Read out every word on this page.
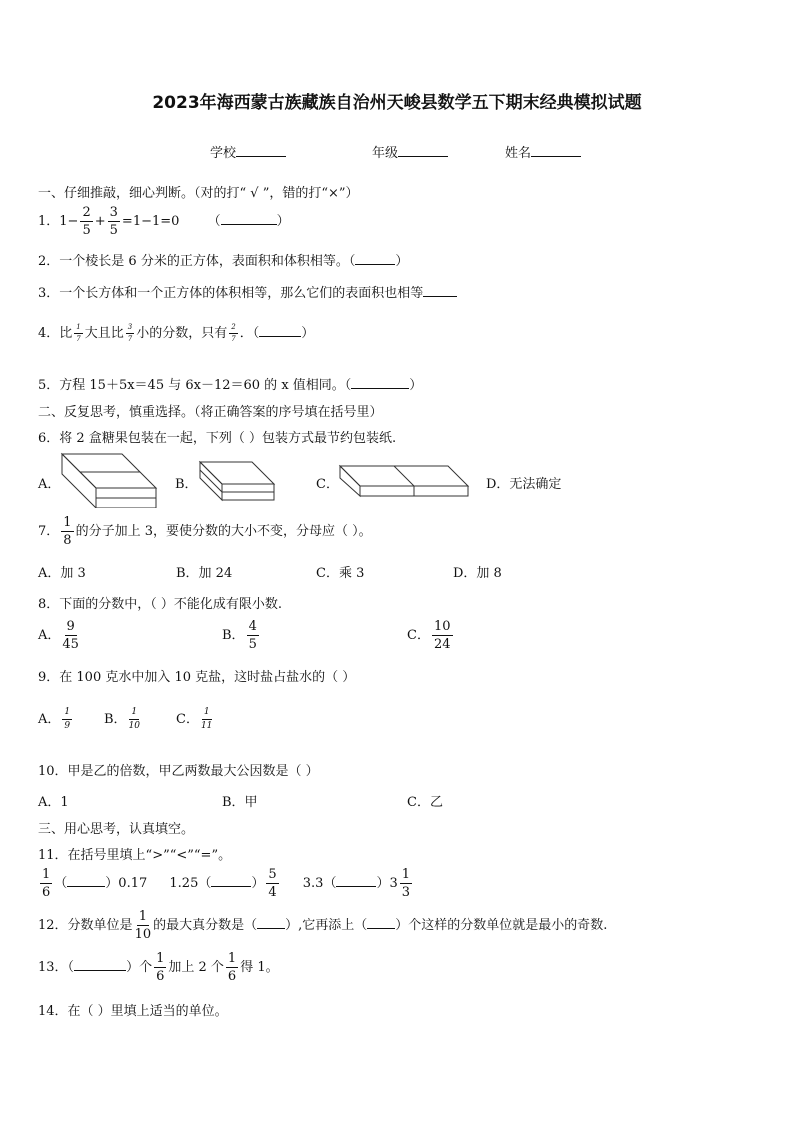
2023年海西蒙古族藏族自治州天峻县数学五下期末经典模拟试题
学校	年级	姓名
一、仔细推敲，细心判断。（对的打“ √ ”，错的打“×”）
1．$1- \frac{2}{5} + \frac{3}{5} =1-1=0$ （	）
2．一个棱长是 6 分米的正方体，表面积和体积相等。（	）
3．一个长方体和一个正方体的体积相等，那么它们的表面积也相等
4．比 $\frac{1}{7}$ 大且比 $\frac{3}{7}$ 小的分数，只有 $\frac{2}{7}$ ．（	）
5．方程 15＋5x＝45 与 6x－12＝60 的 x 值相同。（	）
二、反复思考，慎重选择。（将正确答案的序号填在括号里）
6．将 2 盒糖果包装在一起，下列（ ）包装方式最节约包装纸.
A．	B．	C．	D．无法确定
7． $\frac{1}{8}$ 的分子加上 3，要使分数的大小不变，分母应（ ）。
A．加 3	B．加 24	C．乘 3	D．加 8
8．下面的分数中，（ ）不能化成有限小数.
A． $\frac{9}{45}$	B． $\frac{4}{5}$	C． $\frac{10}{24}$
9．在 100 克水中加入 10 克盐，这时盐占盐水的（ ）
A． $\frac{1}{9}$ B． $\frac{1}{10}$	C． $\frac{1}{11}$
10．甲是乙的倍数，甲乙两数最大公因数是（ ）
A．1	B．甲	C．乙
三、用心思考，认真填空。
11．在括号里填上“>”“<”“=”。
$\frac{1}{6}$ （	）0.17 1.25（	） $\frac{5}{4} 3.3$（	）$3 \frac{1}{3}$
12．分数单位是 $\frac{1}{10}$ 的最大真分数是（ ）,它再添上（ ）个这样的分数单位就是最小的奇数.
13．（	）个 $\frac{1}{6}$ 加上 2 个 $\frac{1}{6}$ 得 1。
14．在（ ）里填上适当的单位。
